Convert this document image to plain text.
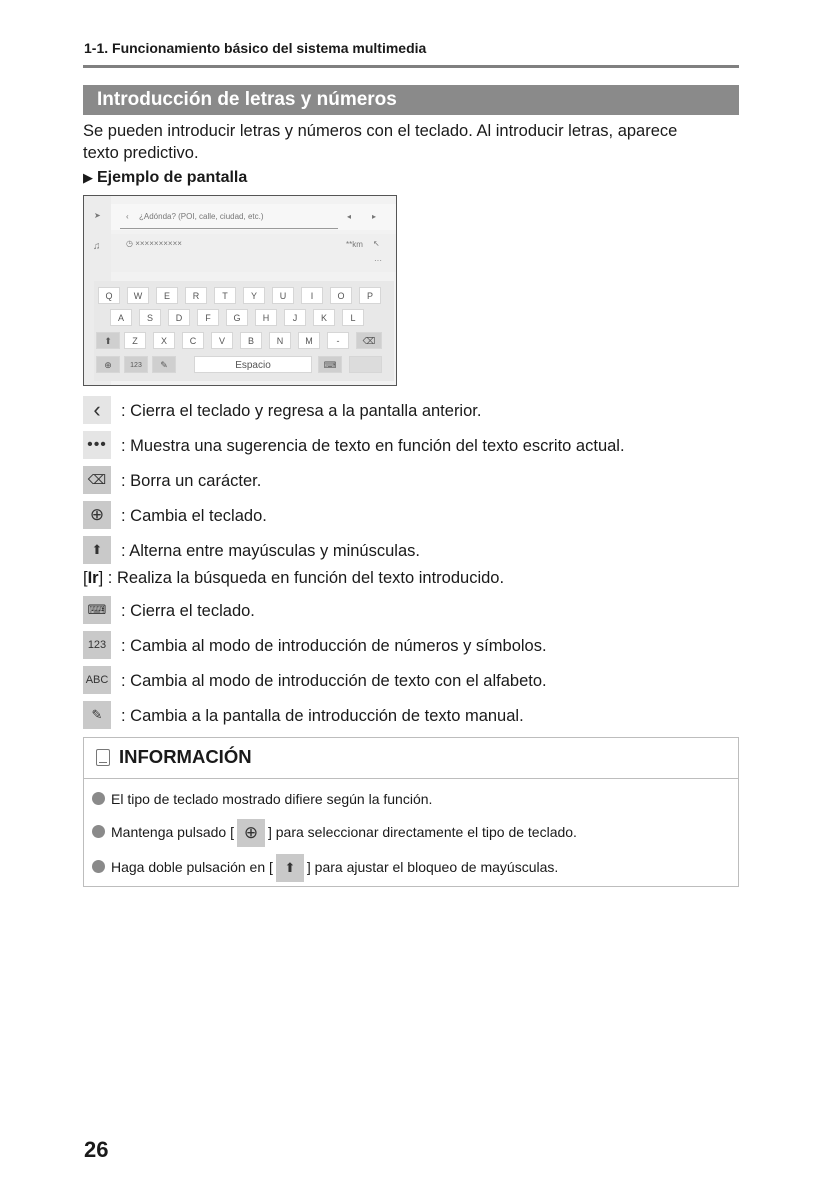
1-1. Funcionamiento básico del sistema multimedia
Introducción de letras y números
Se pueden introducir letras y números con el teclado. Al introducir letras, aparece
texto predictivo.
▶ Ejemplo de pantalla
➤
♫
‹ ¿Adónda? (POI, calle, ciudad, etc.)	◂	▸
◷ ××××××××××	**km ↖
···
Q	W	E	R	T	Y	U	I	O	P
A	S	D	F	G	H	J	K	L
⬆	Z	X	C	V	B	N	M	-	⌫
⊕	123	✎	Espacio	⌨
‹	: Cierra el teclado y regresa a la pantalla anterior.
••• : Muestra una sugerencia de texto en función del texto escrito actual.
⌫ : Borra un carácter.
⊕	: Cambia el teclado.
⬆	: Alterna entre mayúsculas y minúsculas.
[Ir] : Realiza la búsqueda en función del texto introducido.
⌨ : Cierra el teclado.
123 : Cambia al modo de introducción de números y símbolos.
ABC : Cambia al modo de introducción de texto con el alfabeto.
✎	: Cambia a la pantalla de introducción de texto manual.
INFORMACIÓN
El tipo de teclado mostrado difiere según la función.
Mantenga pulsado [ ⊕ ] para seleccionar directamente el tipo de teclado.
Haga doble pulsación en [ ⬆ ] para ajustar el bloqueo de mayúsculas.
26
